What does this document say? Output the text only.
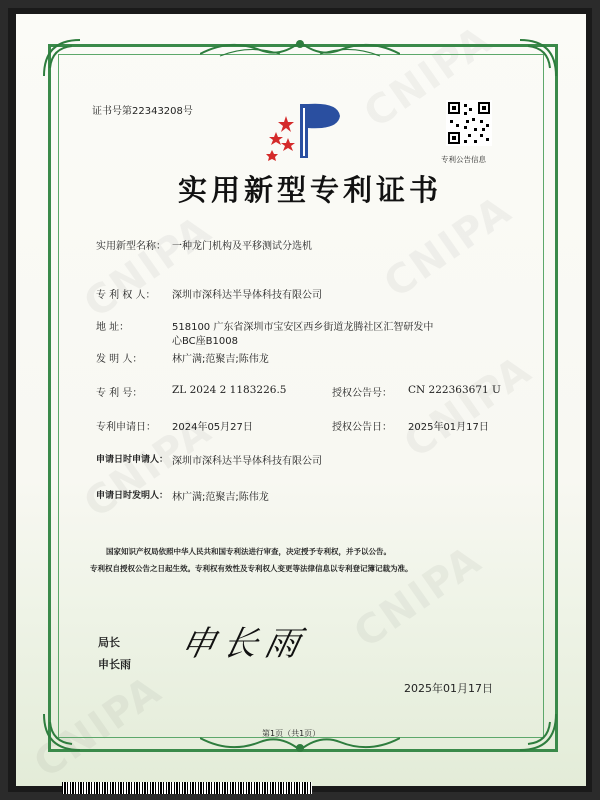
证书号第22343208号
专利公告信息
实用新型专利证书
实用新型名称： 一种龙门机构及平移测试分选机
专 利 权 人： 深圳市深科达半导体科技有限公司
地 址：	518100 广东省深圳市宝安区西乡街道龙腾社区汇智研发中
心BC座B1008
发 明 人：	林广满;范聚吉;陈伟龙
专 利 号：	ZL 2024 2 1183226.5	授权公告号： CN 222363671 U
专利申请日： 2024年05月27日	授权公告日： 2025年01月17日
申请日时申请人： 深圳市深科达半导体科技有限公司
申请日时发明人： 林广满;范聚吉;陈伟龙
国家知识产权局依照中华人民共和国专利法进行审查，决定授予专利权，并予以公告。
专利权自授权公告之日起生效。专利权有效性及专利权人变更等法律信息以专利登记簿记载为准。
局长
申长雨
申长雨
2025年01月17日
第1页（共1页）
